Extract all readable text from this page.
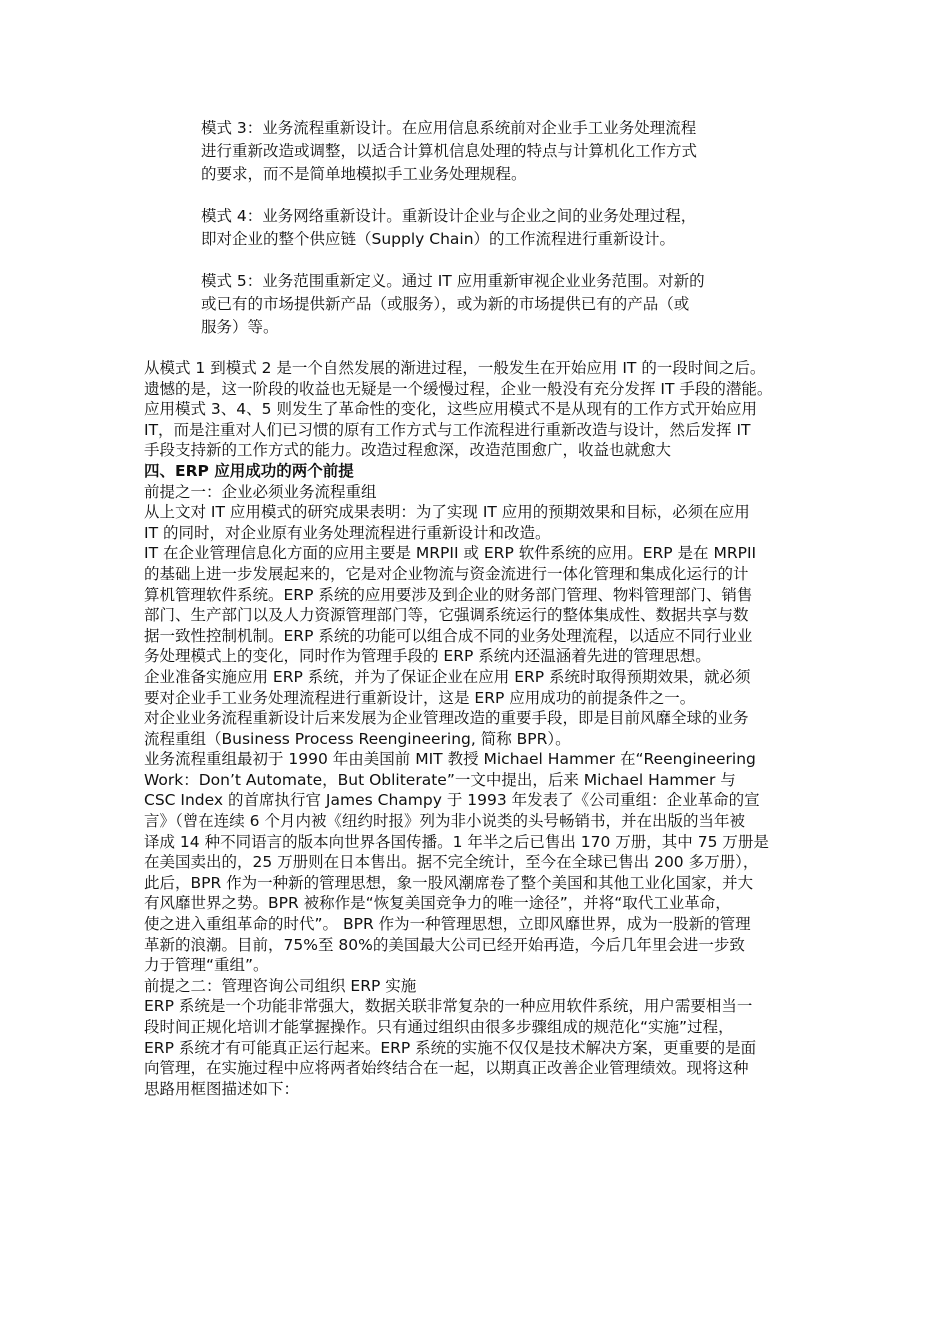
模式 3：业务流程重新设计。在应用信息系统前对企业手工业务处理流程

进行重新改造或调整，以适合计算机信息处理的特点与计算机化工作方式

的要求，而不是简单地模拟手工业务处理规程。

模式 4：业务网络重新设计。重新设计企业与企业之间的业务处理过程，

即对企业的整个供应链（Supply Chain）的工作流程进行重新设计。

模式 5：业务范围重新定义。通过 IT 应用重新审视企业业务范围。对新的

或已有的市场提供新产品（或服务），或为新的市场提供已有的产品（或

服务）等。

从模式 1 到模式 2 是一个自然发展的渐进过程，一般发生在开始应用 IT 的一段时间之后。

遗憾的是，这一阶段的收益也无疑是一个缓慢过程，企业一般没有充分发挥 IT 手段的潜能。

应用模式 3、4、5 则发生了革命性的变化，这些应用模式不是从现有的工作方式开始应用

IT，而是注重对人们已习惯的原有工作方式与工作流程进行重新改造与设计，然后发挥 IT

手段支持新的工作方式的能力。改造过程愈深，改造范围愈广，收益也就愈大

四、ERP 应用成功的两个前提

前提之一：企业必须业务流程重组

从上文对 IT 应用模式的研究成果表明：为了实现 IT 应用的预期效果和目标，必须在应用

IT 的同时，对企业原有业务处理流程进行重新设计和改造。

IT 在企业管理信息化方面的应用主要是 MRPII 或 ERP 软件系统的应用。ERP 是在 MRPII

的基础上进一步发展起来的，它是对企业物流与资金流进行一体化管理和集成化运行的计

算机管理软件系统。ERP 系统的应用要涉及到企业的财务部门管理、物料管理部门、销售

部门、生产部门以及人力资源管理部门等，它强调系统运行的整体集成性、数据共享与数

据一致性控制机制。ERP 系统的功能可以组合成不同的业务处理流程，以适应不同行业业

务处理模式上的变化，同时作为管理手段的 ERP 系统内还温涵着先进的管理思想。

企业准备实施应用 ERP 系统，并为了保证企业在应用 ERP 系统时取得预期效果，就必须

要对企业手工业务处理流程进行重新设计，这是 ERP 应用成功的前提条件之一。

对企业业务流程重新设计后来发展为企业管理改造的重要手段，即是目前风靡全球的业务

流程重组（Business Process Reengineering, 简称 BPR）。

业务流程重组最初于 1990 年由美国前 MIT 教授 Michael Hammer 在“Reengineering

Work：Don’t Automate，But Obliterate”一文中提出，后来 Michael Hammer 与

CSC Index 的首席执行官 James Champy 于 1993 年发表了《公司重组：企业革命的宣

言》（曾在连续 6 个月内被《纽约时报》列为非小说类的头号畅销书，并在出版的当年被

译成 14 种不同语言的版本向世界各国传播。1 年半之后已售出 170 万册，其中 75 万册是

在美国卖出的，25 万册则在日本售出。据不完全统计，至今在全球已售出 200 多万册），

此后，BPR 作为一种新的管理思想，象一股风潮席卷了整个美国和其他工业化国家，并大

有风靡世界之势。BPR 被称作是“恢复美国竞争力的唯一途径”，并将“取代工业革命，

使之进入重组革命的时代”。 BPR 作为一种管理思想，立即风靡世界，成为一股新的管理

革新的浪潮。目前，75%至 80%的美国最大公司已经开始再造，今后几年里会进一步致

力于管理“重组”。

前提之二：管理咨询公司组织 ERP 实施

ERP 系统是一个功能非常强大，数据关联非常复杂的一种应用软件系统，用户需要相当一

段时间正规化培训才能掌握操作。只有通过组织由很多步骤组成的规范化“实施”过程，

ERP 系统才有可能真正运行起来。ERP 系统的实施不仅仅是技术解决方案，更重要的是面

向管理，在实施过程中应将两者始终结合在一起，以期真正改善企业管理绩效。现将这种

思路用框图描述如下：
